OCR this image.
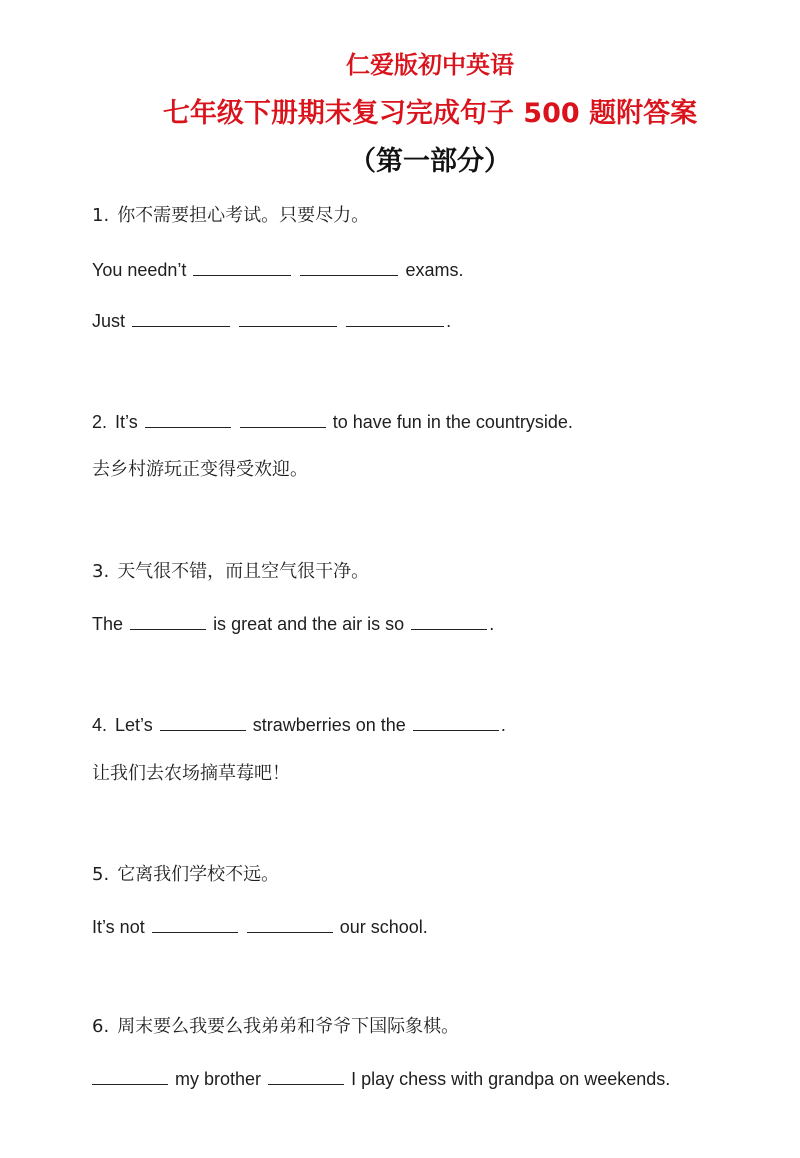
仁爱版初中英语
七年级下册期末复习完成句子 500 题附答案
（第一部分）
1. 你不需要担心考试。只要尽力。
You needn’t	exams.
Just	.
2. It’s	to have fun in the countryside.
去乡村游玩正变得受欢迎。
3. 天气很不错，而且空气很干净。
The	is great and the air is so	.
4. Let’s	strawberries on the	.
让我们去农场摘草莓吧！
5. 它离我们学校不远。
It’s not	our school.
6. 周末要么我要么我弟弟和爷爷下国际象棋。
my brother	I play chess with grandpa on weekends.
